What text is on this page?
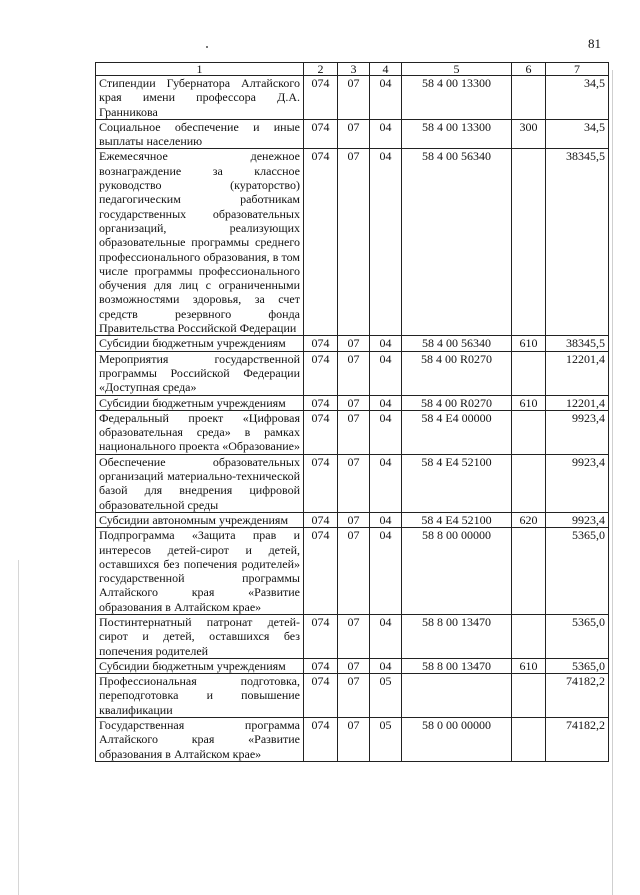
81
1	2	3	4	5	6	7
Стипендии Губернатора Алтайского края имени профессора Д.А. Гранникова	074	07	04	58 4 00 13300		34,5
Социальное обеспечение и иные выплаты населению	074	07	04	58 4 00 13300	300	34,5
Ежемесячное денежное вознаграждение за классное руководство (кураторство) педагогическим работникам государственных образовательных организаций, реализующих образовательные программы среднего профессионального образования, в том числе программы профессионального обучения для лиц с ограниченными возможностями здоровья, за счет средств резервного фонда Правительства Российской Федерации	074	07	04	58 4 00 56340		38345,5
Субсидии бюджетным учреждениям	074	07	04	58 4 00 56340	610	38345,5
Мероприятия государственной программы Российской Федерации «Доступная среда»	074	07	04	58 4 00 R0270		12201,4
Субсидии бюджетным учреждениям	074	07	04	58 4 00 R0270	610	12201,4
Федеральный проект «Цифровая образовательная среда» в рамках национального проекта «Образование»	074	07	04	58 4 E4 00000		9923,4
Обеспечение образовательных организаций материально-технической базой для внедрения цифровой образовательной среды	074	07	04	58 4 E4 52100		9923,4
Субсидии автономным учреждениям	074	07	04	58 4 E4 52100	620	9923,4
Подпрограмма «Защита прав и интересов детей-сирот и детей, оставшихся без попечения родителей» государственной программы Алтайского края «Развитие образования в Алтайском крае»	074	07	04	58 8 00 00000		5365,0
Постинтернатный патронат детей-сирот и детей, оставшихся без попечения родителей	074	07	04	58 8 00 13470		5365,0
Субсидии бюджетным учреждениям	074	07	04	58 8 00 13470	610	5365,0
Профессиональная подготовка, переподготовка и повышение квалификации	074	07	05			74182,2
Государственная программа Алтайского края «Развитие образования в Алтайском крае»	074	07	05	58 0 00 00000		74182,2
